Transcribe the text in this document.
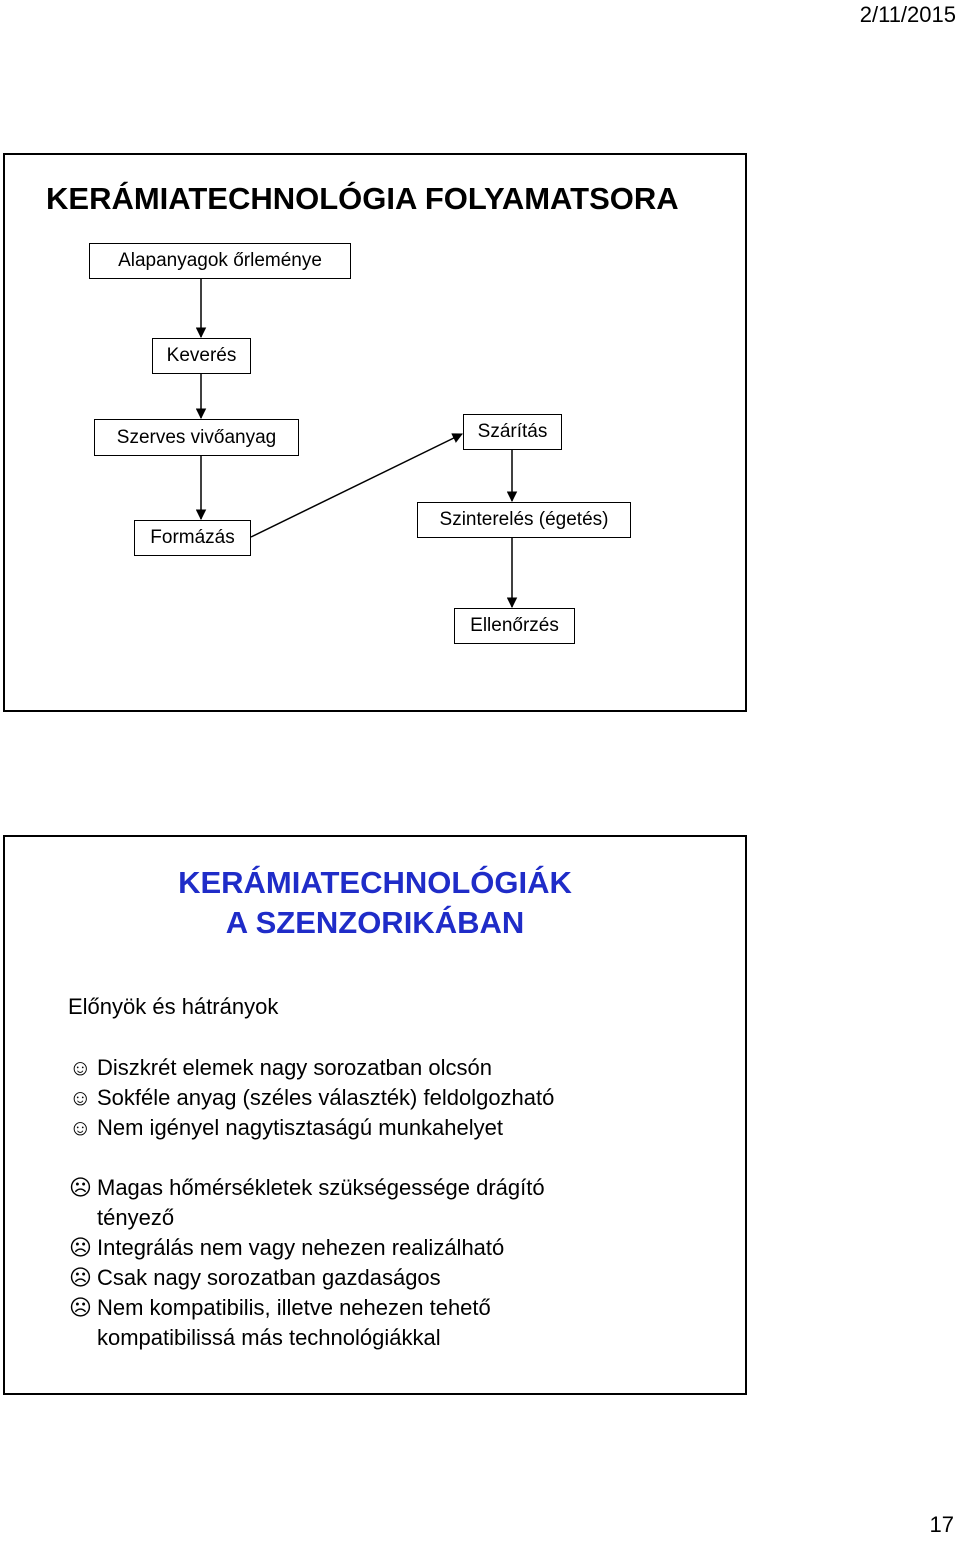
2/11/2015
KERÁMIATECHNOLÓGIA FOLYAMATSORA
Alapanyagok őrleménye
Keverés
Szerves vivőanyag
Formázás
Szárítás
Szinterelés (égetés)
Ellenőrzés
KERÁMIATECHNOLÓGIÁK
A SZENZORIKÁBAN
Előnyök és hátrányok
☺ Diszkrét elemek nagy sorozatban olcsón
☺ Sokféle anyag (széles választék) feldolgozható
☺ Nem igényel nagytisztaságú munkahelyet
☹ Magas hőmérsékletek szükségessége drágító tényező
☹ Integrálás nem vagy nehezen realizálható
☹ Csak nagy sorozatban gazdaságos
☹ Nem kompatibilis, illetve nehezen tehető kompatibilissá más technológiákkal
17
